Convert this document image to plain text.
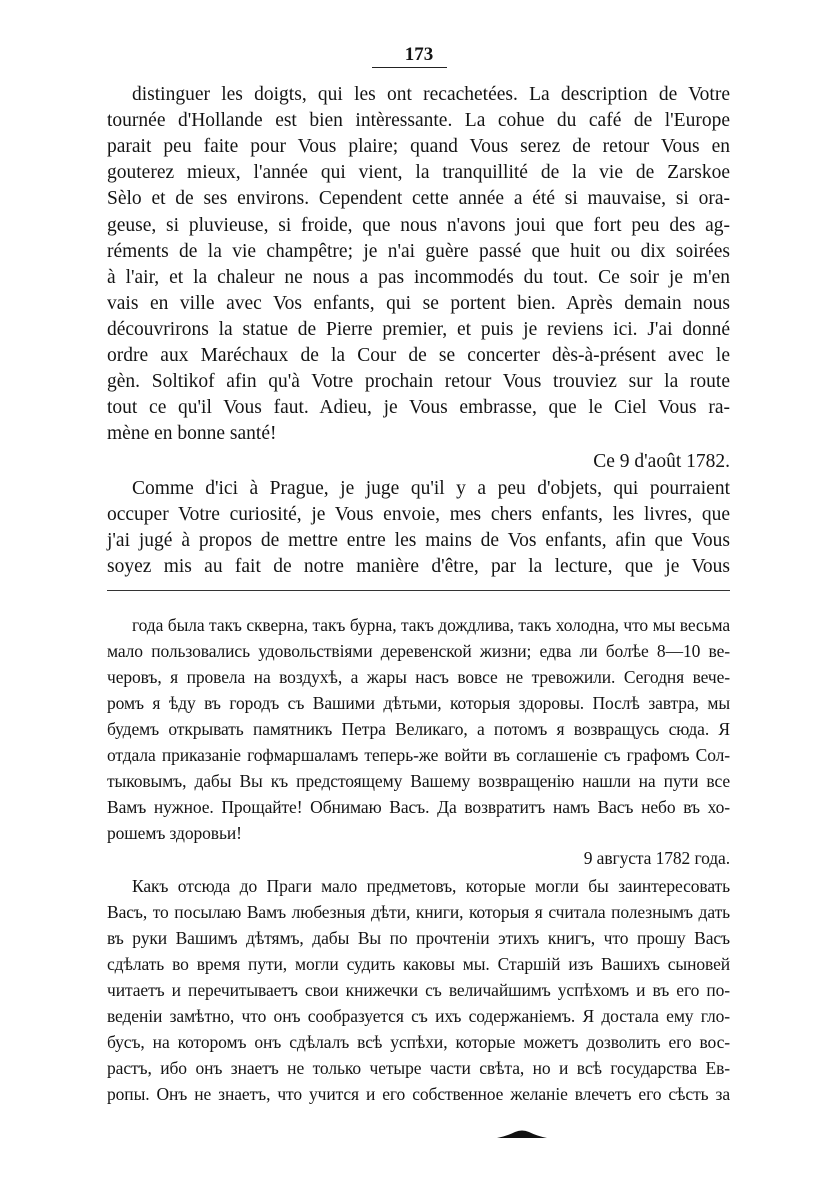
173
distinguer les doigts, qui les ont recachetées. La description de Votre
tournée d'Hollande est bien intèressante. La cohue du café de l'Europe
parait peu faite pour Vous plaire; quand Vous serez de retour Vous en
gouterez mieux, l'année qui vient, la tranquillité de la vie de Zarskoe
Sèlo et de ses environs. Cependent cette année a été si mauvaise, si ora-
geuse, si pluvieuse, si froide, que nous n'avons joui que fort peu des ag-
réments de la vie champêtre; je n'ai guère passé que huit ou dix soirées
à l'air, et la chaleur ne nous a pas incommodés du tout. Ce soir je m'en
vais en ville avec Vos enfants, qui se portent bien. Après demain nous
découvrirons la statue de Pierre premier, et puis je reviens ici. J'ai donné
ordre aux Maréchaux de la Cour de se concerter dès-à-présent avec le
gèn. Soltikof afin qu'à Votre prochain retour Vous trouviez sur la route
tout ce qu'il Vous faut. Adieu, je Vous embrasse, que le Ciel Vous ra-
mène en bonne santé!
Ce 9 d'août 1782.
Comme d'ici à Prague, je juge qu'il y a peu d'objets, qui pourraient
occuper Votre curiosité, je Vous envoie, mes chers enfants, les livres, que
j'ai jugé à propos de mettre entre les mains de Vos enfants, afin que Vous
soyez mis au fait de notre manière d'être, par la lecture, que je Vous
года была такъ скверна, такъ бурна, такъ дождлива, такъ холодна, что мы весьма
мало пользовались удовольствіями деревенской жизни; едва ли болѣе 8—10 ве-
черовъ, я провела на воздухѣ, а жары насъ вовсе не тревожили. Сегодня вече-
ромъ я ѣду въ городъ съ Вашими дѣтьми, которыя здоровы. Послѣ завтра, мы
будемъ открывать памятникъ Петра Великаго, а потомъ я возвращусь сюда. Я
отдала приказаніе гофмаршаламъ теперь-же войти въ соглашеніе съ графомъ Сол-
тыковымъ, дабы Вы къ предстоящему Вашему возвращенію нашли на пути все
Вамъ нужное. Прощайте! Обнимаю Васъ. Да возвратитъ намъ Васъ небо въ хо-
рошемъ здоровьи!
9 августа 1782 года.
Какъ отсюда до Праги мало предметовъ, которые могли бы заинтересовать
Васъ, то посылаю Вамъ любезныя дѣти, книги, которыя я считала полезнымъ дать
въ руки Вашимъ дѣтямъ, дабы Вы по прочтеніи этихъ книгъ, что прошу Васъ
сдѣлать во время пути, могли судить каковы мы. Старшій изъ Вашихъ сыновей
читаетъ и перечитываетъ свои книжечки съ величайшимъ успѣхомъ и въ его по-
веденіи замѣтно, что онъ сообразуется съ ихъ содержаніемъ. Я достала ему гло-
бусъ, на которомъ онъ сдѣлалъ всѣ успѣхи, которые можетъ дозволить его вос-
растъ, ибо онъ знаетъ не только четыре части свѣта, но и всѣ государства Ев-
ропы. Онъ не знаетъ, что учится и его собственное желаніе влечетъ его сѣсть за
